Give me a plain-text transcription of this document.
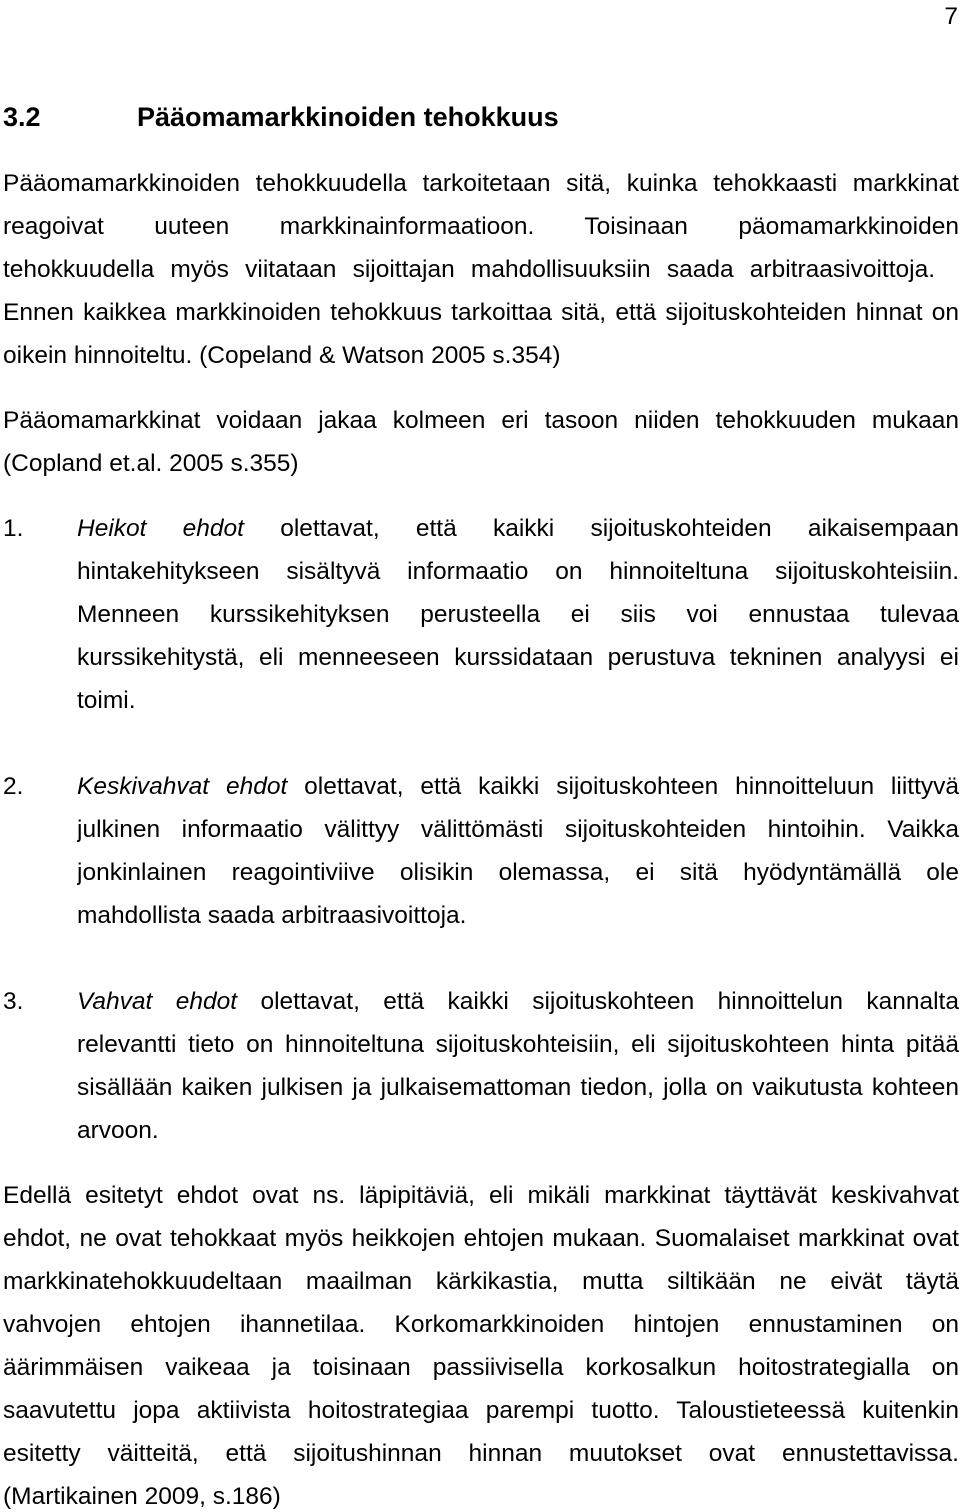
7
3.2	Pääomamarkkinoiden tehokkuus
Pääomamarkkinoiden tehokkuudella tarkoitetaan sitä, kuinka tehokkaasti markkinat
reagoivat uuteen markkinainformaatioon. Toisinaan päomamarkkinoiden
tehokkuudella myös viitataan sijoittajan mahdollisuuksiin saada arbitraasivoittoja.
Ennen kaikkea markkinoiden tehokkuus tarkoittaa sitä, että sijoituskohteiden hinnat on
oikein hinnoiteltu. (Copeland & Watson 2005 s.354)
Pääomamarkkinat voidaan jakaa kolmeen eri tasoon niiden tehokkuuden mukaan
(Copland et.al. 2005 s.355)
1. Heikot ehdot olettavat, että kaikki sijoituskohteiden aikaisempaan
hintakehitykseen sisältyvä informaatio on hinnoiteltuna sijoituskohteisiin.
Menneen kurssikehityksen perusteella ei siis voi ennustaa tulevaa
kurssikehitystä, eli menneeseen kurssidataan perustuva tekninen analyysi ei
toimi.
2. Keskivahvat ehdot olettavat, että kaikki sijoituskohteen hinnoitteluun liittyvä
julkinen informaatio välittyy välittömästi sijoituskohteiden hintoihin. Vaikka
jonkinlainen reagointiviive olisikin olemassa, ei sitä hyödyntämällä ole
mahdollista saada arbitraasivoittoja.
3. Vahvat ehdot olettavat, että kaikki sijoituskohteen hinnoittelun kannalta
relevantti tieto on hinnoiteltuna sijoituskohteisiin, eli sijoituskohteen hinta pitää
sisällään kaiken julkisen ja julkaisemattoman tiedon, jolla on vaikutusta kohteen
arvoon.
Edellä esitetyt ehdot ovat ns. läpipitäviä, eli mikäli markkinat täyttävät keskivahvat
ehdot, ne ovat tehokkaat myös heikkojen ehtojen mukaan. Suomalaiset markkinat ovat
markkinatehokkuudeltaan maailman kärkikastia, mutta siltikään ne eivät täytä
vahvojen ehtojen ihannetilaa. Korkomarkkinoiden hintojen ennustaminen on
äärimmäisen vaikeaa ja toisinaan passiivisella korkosalkun hoitostrategialla on
saavutettu jopa aktiivista hoitostrategiaa parempi tuotto. Taloustieteessä kuitenkin
esitetty väitteitä, että sijoitushinnan hinnan muutokset ovat ennustettavissa.
(Martikainen 2009, s.186)
